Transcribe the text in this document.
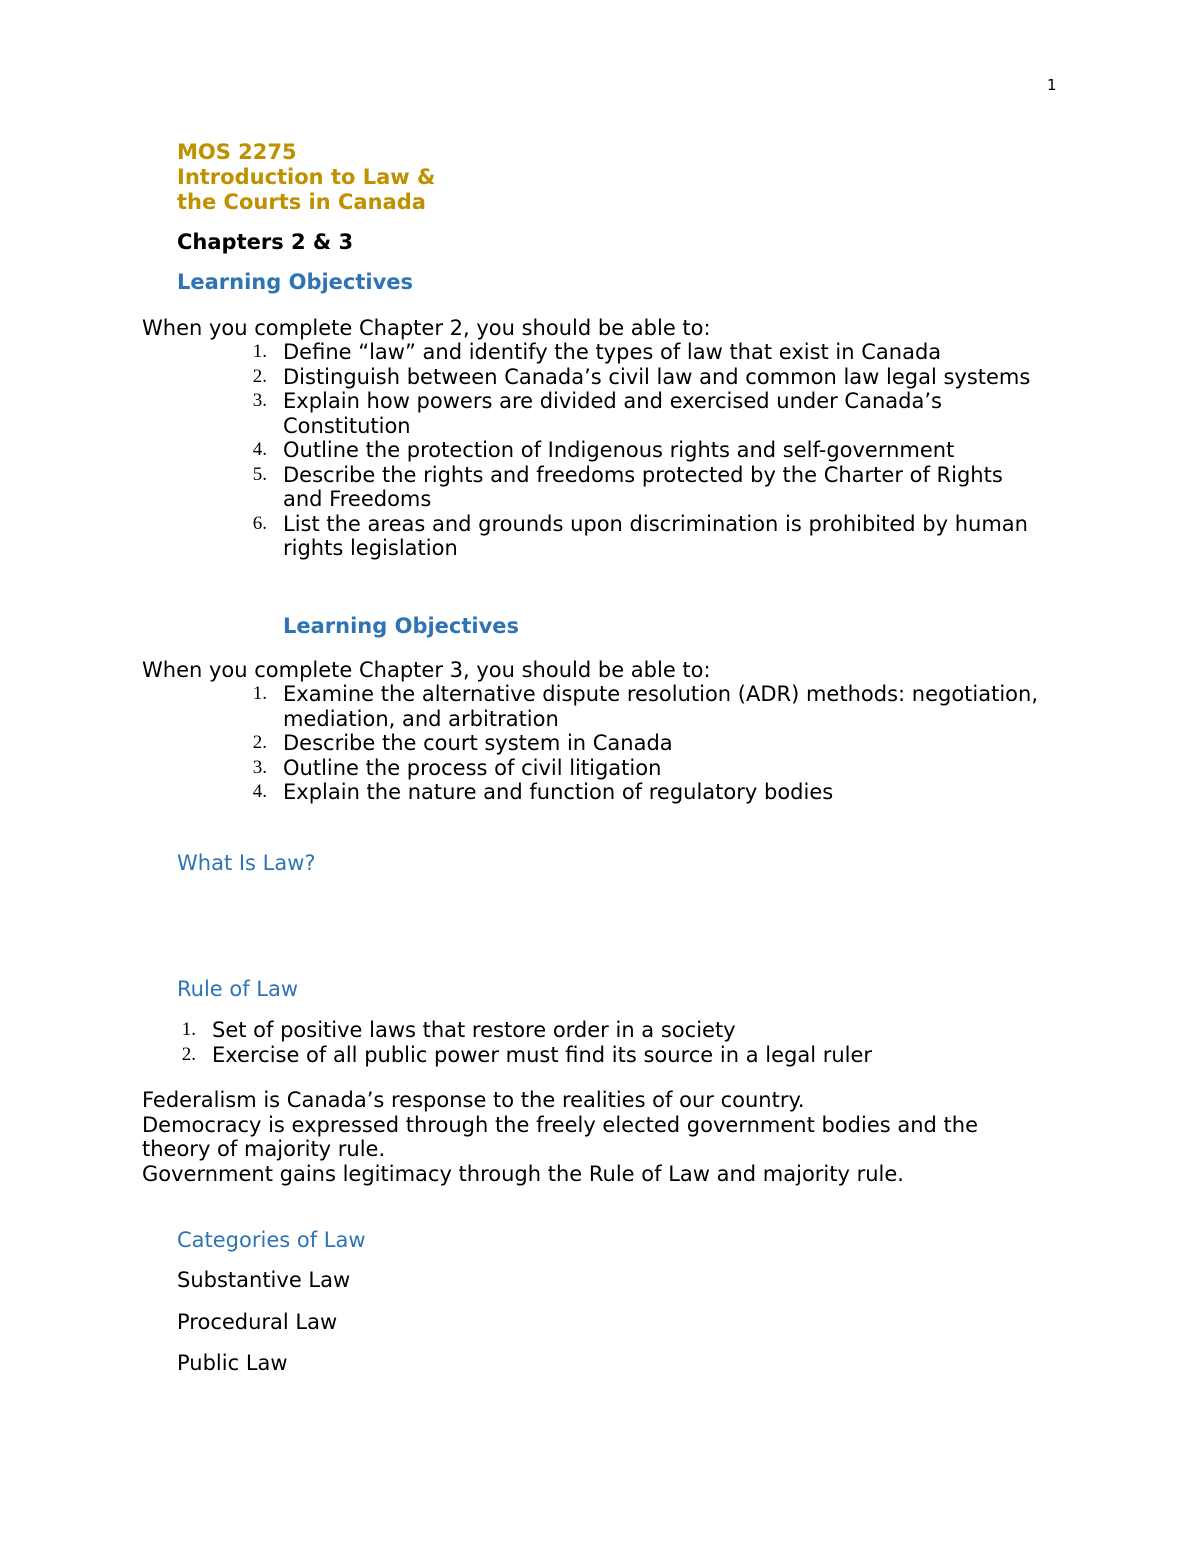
1
MOS 2275
Introduction to Law &
the Courts in Canada
Chapters 2 & 3
Learning Objectives
When you complete Chapter 2, you should be able to:
1. Define “law” and identify the types of law that exist in Canada
2. Distinguish between Canada’s civil law and common law legal systems
3. Explain how powers are divided and exercised under Canada’s Constitution
4. Outline the protection of Indigenous rights and self-government
5. Describe the rights and freedoms protected by the Charter of Rights and Freedoms
6. List the areas and grounds upon discrimination is prohibited by human rights legislation
Learning Objectives
When you complete Chapter 3, you should be able to:
1. Examine the alternative dispute resolution (ADR) methods: negotiation, mediation, and arbitration
2. Describe the court system in Canada
3. Outline the process of civil litigation
4. Explain the nature and function of regulatory bodies
What Is Law?
Rule of Law
1. Set of positive laws that restore order in a society
2. Exercise of all public power must find its source in a legal ruler
Federalism is Canada’s response to the realities of our country.
Democracy is expressed through the freely elected government bodies and the theory of majority rule.
Government gains legitimacy through the Rule of Law and majority rule.
Categories of Law
Substantive Law
Procedural Law
Public Law
